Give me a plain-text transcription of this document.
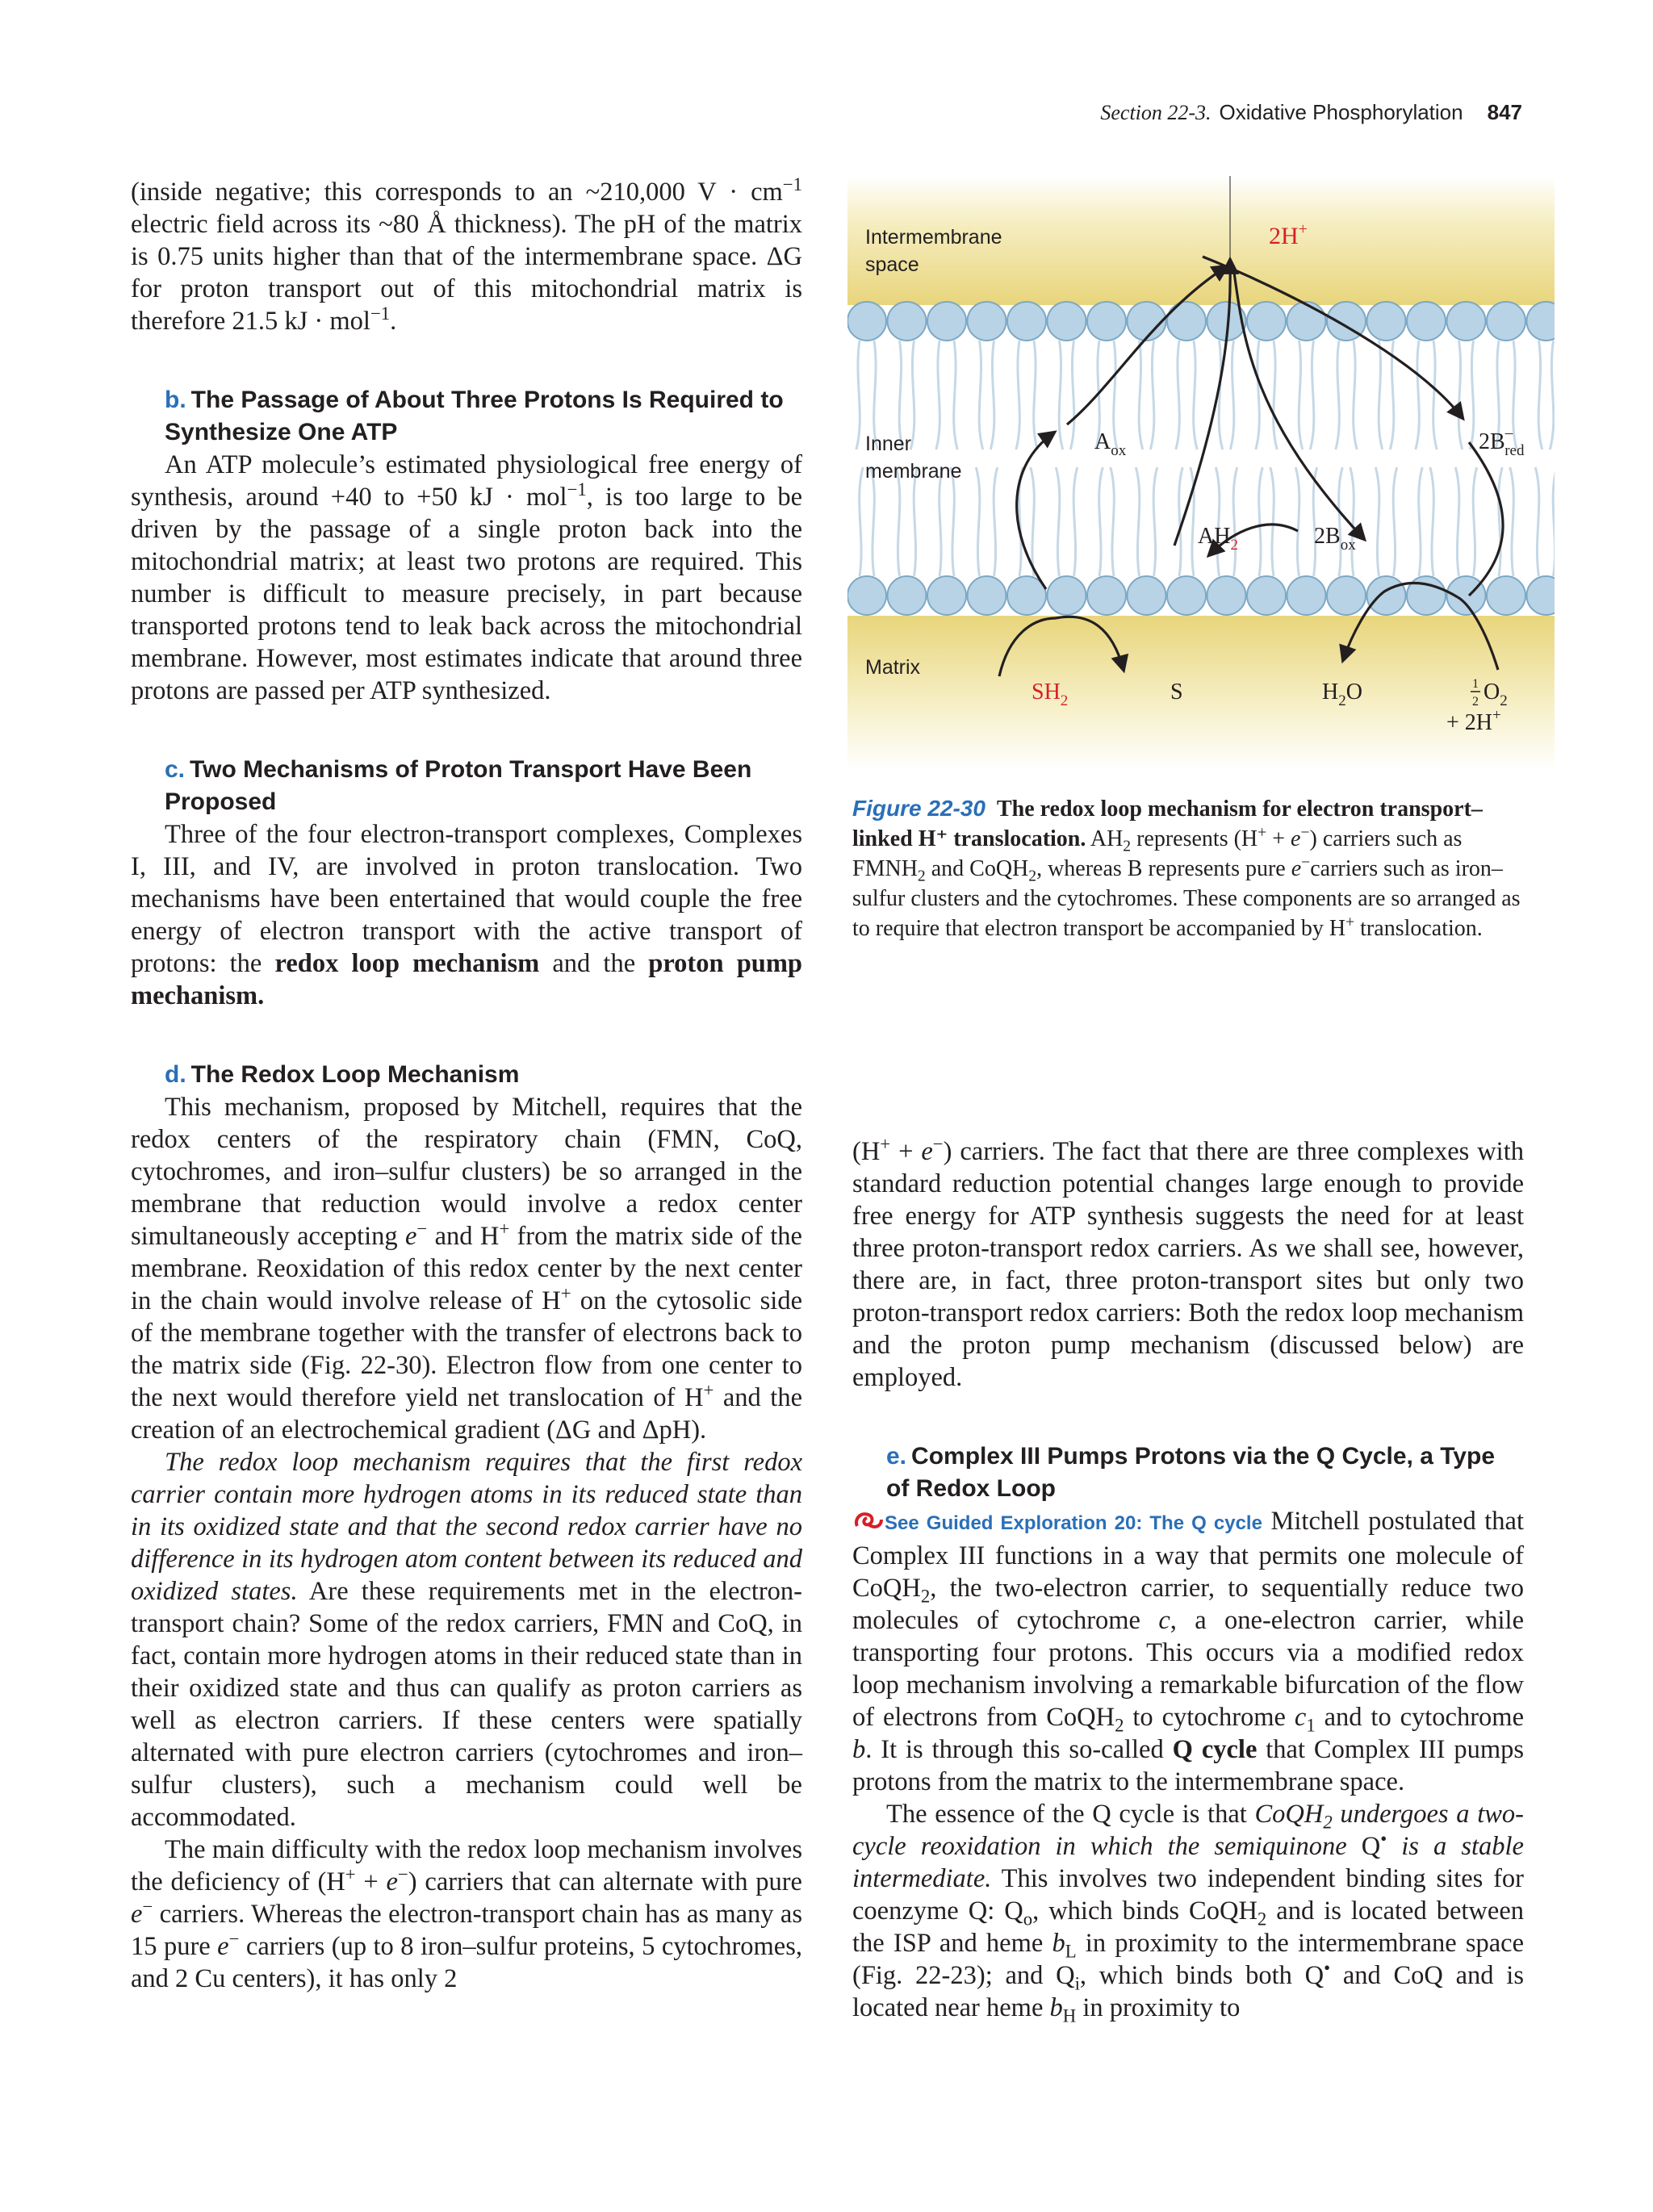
Section 22-3. Oxidative Phosphorylation 847

(inside negative; this corresponds to an ~210,000 $V \cdot cm^{-1}$ electric field across its ~80 Å thickness). The pH of the matrix is 0.75 units higher than that of the intermembrane space. ΔG for proton transport out of this mitochondrial matrix is therefore 21.5 kJ · mol$^{-1}$.

b. The Passage of About Three Protons Is Required to Synthesize One ATP

An ATP molecule’s estimated physiological free energy of synthesis, around +40 to +50 kJ · mol$^{-1}$, is too large to be driven by the passage of a single proton back into the mitochondrial matrix; at least two protons are required. This number is difficult to measure precisely, in part because transported protons tend to leak back across the mitochondrial membrane. However, most estimates indicate that around three protons are passed per ATP synthesized.

c. Two Mechanisms of Proton Transport Have Been Proposed

Three of the four electron-transport complexes, Complexes I, III, and IV, are involved in proton translocation. Two mechanisms have been entertained that would couple the free energy of electron transport with the active transport of protons: the redox loop mechanism and the proton pump mechanism.

d. The Redox Loop Mechanism

This mechanism, proposed by Mitchell, requires that the redox centers of the respiratory chain (FMN, CoQ, cytochromes, and iron–sulfur clusters) be so arranged in the membrane that reduction would involve a redox center simultaneously accepting e− and H+ from the matrix side of the membrane. Reoxidation of this redox center by the next center in the chain would involve release of H+ on the cytosolic side of the membrane together with the transfer of electrons back to the matrix side (Fig. 22-30). Electron flow from one center to the next would therefore yield net translocation of H+ and the creation of an electrochemical gradient (ΔG and ΔpH).

The redox loop mechanism requires that the first redox carrier contain more hydrogen atoms in its reduced state than in its oxidized state and that the second redox carrier have no difference in its hydrogen atom content between its reduced and oxidized states. Are these requirements met in the electron-transport chain? Some of the redox carriers, FMN and CoQ, in fact, contain more hydrogen atoms in their reduced state than in their oxidized state and thus can qualify as proton carriers as well as electron carriers. If these centers were spatially alternated with pure electron carriers (cytochromes and iron–sulfur clusters), such a mechanism could well be accommodated.

The main difficulty with the redox loop mechanism involves the deficiency of (H+ + e−) carriers that can alternate with pure e− carriers. Whereas the electron-transport chain has as many as 15 pure e− carriers (up to 8 iron–sulfur proteins, 5 cytochromes, and 2 Cu centers), it has only 2

Intermembrane space
Inner membrane
Matrix
2H+
$A_{ox}$	2B– red
$AH_2$	$2B_{ox}$
$SH_2$	S	$H_2O$	1
2 $O_2$
+ 2H+

Figure 22-30 The redox loop mechanism for electron transport–linked H⁺ translocation. $AH_2$ represents (H+ + e−) carriers such as $FMNH_2$ and CoQH$_2$, whereas B represents pure e−carriers such as iron–sulfur clusters and the cytochromes. These components are so arranged as to require that electron transport be accompanied by H+ translocation.

(H+ + e−) carriers. The fact that there are three complexes with standard reduction potential changes large enough to provide free energy for ATP synthesis suggests the need for at least three proton-transport redox carriers. As we shall see, however, there are, in fact, three proton-transport sites but only two proton-transport redox carriers: Both the redox loop mechanism and the proton pump mechanism (discussed below) are employed.

e. Complex III Pumps Protons via the Q Cycle, a Type of Redox Loop

See Guided Exploration 20: The Q cycle Mitchell postulated that Complex III functions in a way that permits one molecule of CoQH$_2$, the two-electron carrier, to sequentially reduce two molecules of cytochrome c, a one-electron carrier, while transporting four protons. This occurs via a modified redox loop mechanism involving a remarkable bifurcation of the flow of electrons from CoQH$_2$ to cytochrome $c_1$ and to cytochrome b. It is through this so-called Q cycle that Complex III pumps protons from the matrix to the intermembrane space.

The essence of the Q cycle is that CoQH$_2$ undergoes a two-cycle reoxidation in which the semiquinone Q• is a stable intermediate. This involves two independent binding sites for coenzyme Q: $Q_o$, which binds CoQH$_2$ and is located between the ISP and heme $b_L$ in proximity to the intermembrane space (Fig. 22-23); and $Q_i$, which binds both Q• and CoQ and is located near heme $b_H$ in proximity to
